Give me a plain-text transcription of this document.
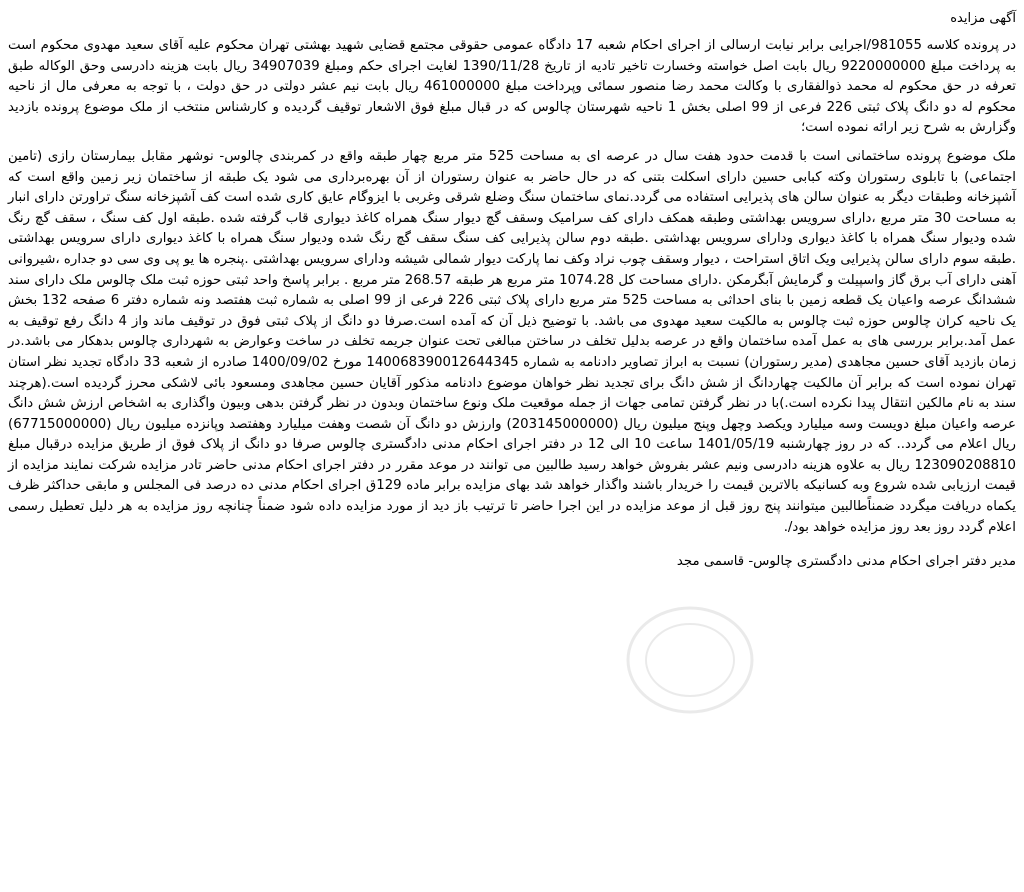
آگهی مزایده

در پرونده کلاسه 981055/اجرایی برابر نیابت ارسالی از اجرای احکام شعبه 17 دادگاه عمومی حقوقی مجتمع قضایی شهید بهشتی تهران محکوم علیه آقای سعید مهدوی محکوم است به پرداخت مبلغ 9220000000 ریال بابت اصل خواسته وخسارت تاخیر تادیه از تاریخ 1390/11/28 لغایت اجرای حکم ومبلغ 34907039 ریال بابت هزینه دادرسی وحق الوکاله طبق تعرفه در حق محکوم له محمد ذوالفقاری با وکالت محمد رضا منصور سمائی وپرداخت مبلغ 461000000 ریال بابت نیم عشر دولتی در حق دولت ، با توجه به معرفی مال از ناحیه محکوم له دو دانگ پلاک ثبتی 226 فرعی از 99 اصلی بخش 1 ناحیه شهرستان چالوس که در قبال مبلغ فوق الاشعار توقیف گردیده و کارشناس منتخب از ملک موضوع پرونده بازدید وگزارش به شرح زیر ارائه نموده است؛

ملک موضوع پرونده ساختمانی است با قدمت حدود هفت سال در عرصه ای به مساحت 525 متر مربع چهار طبقه واقع در کمربندی چالوس- نوشهر مقابل بیمارستان رازی (تامین اجتماعی) با تابلوی رستوران وکته کبابی حسین دارای اسکلت بتنی که در حال حاضر به عنوان رستوران از آن بهره‌برداری می شود یک طبقه از ساختمان زیر زمین واقع است که آشپزخانه وطبقات دیگر به عنوان سالن های پذیرایی استفاده می گردد.نمای ساختمان سنگ وضلع شرقی وغربی با ایزوگام عایق کاری شده است کف آشپزخانه سنگ تراورتن دارای انبار به مساحت 30 متر مربع ،دارای سرویس بهداشتی وطبقه همکف دارای کف سرامیک وسقف گچ دیوار سنگ همراه کاغذ دیواری قاب گرفته شده .طبقه اول کف سنگ ، سقف گچ رنگ شده ودیوار سنگ همراه با کاغذ دیواری ودارای سرویس بهداشتی .طبقه دوم سالن پذیرایی کف سنگ سقف گچ رنگ شده ودیوار سنگ همراه با کاغذ دیواری دارای سرویس بهداشتی .طبقه سوم دارای سالن پذیرایی ویک اتاق استراحت ، دیوار وسقف چوب نراد وکف نما پارکت دیوار شمالی شیشه ودارای سرویس بهداشتی .پنجره ها یو پی وی سی دو جداره ،شیروانی آهنی دارای آب برق گاز واسپیلت و گرمایش آبگرمکن .دارای مساحت کل 1074.28 متر مربع هر طبقه 268.57 متر مربع . برابر پاسخ واحد ثبتی حوزه ثبت ملک چالوس ملک دارای سند ششدانگ عرصه واعیان یک قطعه زمین با بنای احداثی به مساحت 525 متر مربع دارای پلاک ثبتی 226 فرعی از 99 اصلی به شماره ثبت هفتصد ونه شماره دفتر 6 صفحه 132 بخش یک ناحیه کران چالوس حوزه ثبت چالوس به مالکیت سعید مهدوی می باشد. با توضیح ذیل آن که آمده است.صرفا دو دانگ از پلاک ثبتی فوق در توقیف ماند واز 4 دانگ رفع توقیف به عمل آمد.برابر بررسی های به عمل آمده ساختمان واقع در عرصه بدلیل تخلف در ساختن مبالغی تحت عنوان جریمه تخلف در ساخت وعوارض به شهرداری چالوس بدهکار می باشد.در زمان بازدید آقای حسین مجاهدی (مدیر رستوران) نسبت به ابراز تصاویر دادنامه به شماره 140068390012644345 مورخ 1400/09/02 صادره از شعبه 33 دادگاه تجدید نظر استان تهران نموده است که برابر آن مالکیت چهاردانگ از شش دانگ برای تجدید نظر خواهان موضوع دادنامه مذکور آقایان حسین مجاهدی ومسعود بائی لاشکی محرز گردیده است.(هرچند سند به نام مالکین انتقال پیدا نکرده است.)با در نظر گرفتن تمامی جهات از جمله موقعیت ملک ونوع ساختمان وبدون در نظر گرفتن بدهی وبیون واگذاری به اشخاص ارزش شش دانگ عرصه واعیان مبلغ دویست وسه میلیارد ویکصد وچهل وپنج میلیون ریال (203145000000) وارزش دو دانگ آن شصت وهفت میلیارد وهفتصد وپانزده میلیون ریال (67715000000) ریال اعلام می گردد.. که در روز چهارشنبه 1401/05/19 ساعت 10 الی 12 در دفتر اجرای احکام مدنی دادگستری چالوس صرفا دو دانگ از پلاک فوق از طریق مزایده درقبال مبلغ 123090208810 ریال به علاوه هزینه دادرسی ونیم عشر بفروش خواهد رسید طالبین می توانند در موعد مقرر در دفتر اجرای احکام مدنی حاضر تادر مزایده شرکت نمایند مزایده از قیمت ارزیابی شده شروع وبه کسانیکه بالاترین قیمت را خریدار باشند واگذار خواهد شد بهای مزایده برابر ماده 129ق اجرای احکام مدنی ده درصد فی المجلس و مابقی حداکثر ظرف یکماه دریافت میگردد ضمناًطالبین میتوانند پنج روز قبل از موعد مزایده در این اجرا حاضر تا ترتیب باز دید از مورد مزایده داده شود ضمناً چنانچه روز مزایده به هر دلیل تعطیل رسمی اعلام گردد روز بعد روز مزایده خواهد بود/.

مدیر دفتر اجرای احکام مدنی دادگستری چالوس- قاسمی مجد
